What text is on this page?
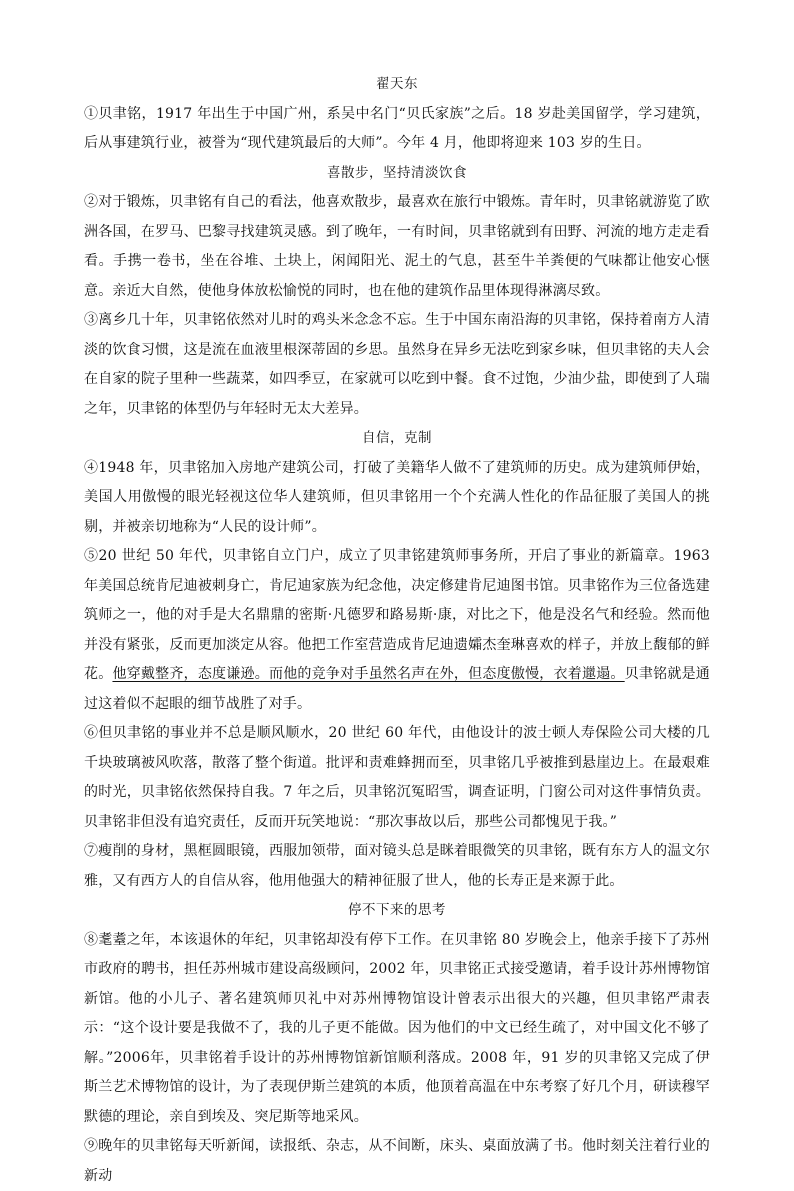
翟天东

①贝聿铭，1917 年出生于中国广州，系吴中名门“贝氏家族”之后。18 岁赴美国留学，学习建筑，后从事建筑行业，被誉为“现代建筑最后的大师”。今年 4 月，他即将迎来 103 岁的生日。

喜散步，坚持清淡饮食

②对于锻炼，贝聿铭有自己的看法，他喜欢散步，最喜欢在旅行中锻炼。青年时，贝聿铭就游览了欧洲各国，在罗马、巴黎寻找建筑灵感。到了晚年，一有时间，贝聿铭就到有田野、河流的地方走走看看。手携一卷书，坐在谷堆、土块上，闲闻阳光、泥土的气息，甚至牛羊粪便的气味都让他安心惬意。亲近大自然，使他身体放松愉悦的同时，也在他的建筑作品里体现得淋漓尽致。

③离乡几十年，贝聿铭依然对儿时的鸡头米念念不忘。生于中国东南沿海的贝聿铭，保持着南方人清淡的饮食习惯，这是流在血液里根深蒂固的乡思。虽然身在异乡无法吃到家乡味，但贝聿铭的夫人会在自家的院子里种一些蔬菜，如四季豆，在家就可以吃到中餐。食不过饱，少油少盐，即使到了人瑞之年，贝聿铭的体型仍与年轻时无太大差异。

自信，克制

④1948 年，贝聿铭加入房地产建筑公司，打破了美籍华人做不了建筑师的历史。成为建筑师伊始，美国人用傲慢的眼光轻视这位华人建筑师，但贝聿铭用一个个充满人性化的作品征服了美国人的挑剔，并被亲切地称为“人民的设计师”。

⑤20 世纪 50 年代，贝聿铭自立门户，成立了贝聿铭建筑师事务所，开启了事业的新篇章。1963 年美国总统肯尼迪被刺身亡，肯尼迪家族为纪念他，决定修建肯尼迪图书馆。贝聿铭作为三位备选建筑师之一，他的对手是大名鼎鼎的密斯·凡德罗和路易斯·康，对比之下，他是没名气和经验。然而他并没有紧张，反而更加淡定从容。他把工作室营造成肯尼迪遗孀杰奎琳喜欢的样子，并放上馥郁的鲜花。他穿戴整齐，态度谦逊。而他的竞争对手虽然名声在外，但态度傲慢，衣着邋遢。贝聿铭就是通过这着似不起眼的细节战胜了对手。

⑥但贝聿铭的事业并不总是顺风顺水，20 世纪 60 年代，由他设计的波士顿人寿保险公司大楼的几千块玻璃被风吹落，散落了整个街道。批评和责难蜂拥而至，贝聿铭几乎被推到悬崖边上。在最艰难的时光，贝聿铭依然保持自我。7 年之后，贝聿铭沉冤昭雪，调查证明，门窗公司对这件事情负责。贝聿铭非但没有追究责任，反而开玩笑地说：“那次事故以后，那些公司都愧见于我。”

⑦瘦削的身材，黑框圆眼镜，西服加领带，面对镜头总是眯着眼微笑的贝聿铭，既有东方人的温文尔雅，又有西方人的自信从容，他用他强大的精神征服了世人，他的长寿正是来源于此。

停不下来的思考

⑧耄耋之年，本该退休的年纪，贝聿铭却没有停下工作。在贝聿铭 80 岁晚会上，他亲手接下了苏州市政府的聘书，担任苏州城市建设高级顾问，2002 年，贝聿铭正式接受邀请，着手设计苏州博物馆新馆。他的小儿子、著名建筑师贝礼中对苏州博物馆设计曾表示出很大的兴趣，但贝聿铭严肃表示：“这个设计要是我做不了，我的儿子更不能做。因为他们的中文已经生疏了，对中国文化不够了解。”2006年，贝聿铭着手设计的苏州博物馆新馆顺利落成。2008 年，91 岁的贝聿铭又完成了伊斯兰艺术博物馆的设计，为了表现伊斯兰建筑的本质，他顶着高温在中东考察了好几个月，研读穆罕默德的理论，亲自到埃及、突尼斯等地采风。

⑨晚年的贝聿铭每天听新闻，读报纸、杂志，从不间断，床头、桌面放满了书。他时刻关注着行业的新动
